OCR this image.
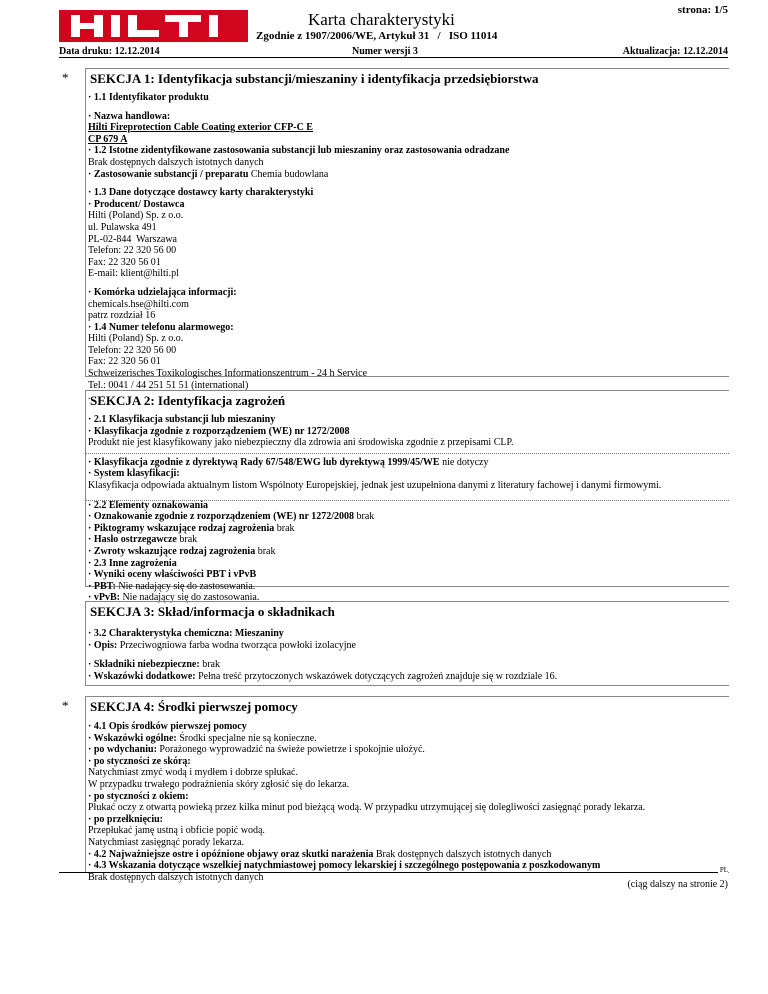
strona: 1/5
Karta charakterystyki
Zgodnie z 1907/2006/WE, Artykuł 31   /   ISO 11014
Data druku: 12.12.2014	Numer wersji 3	Aktualizacja: 12.12.2014
* SEKCJA 1: Identyfikacja substancji/mieszaniny i identyfikacja przedsiębiorstwa
· 1.1 Identyfikator produktu
· Nazwa handlowa:
Hilti Fireprotection Cable Coating exterior CFP-C E
CP 679 A
· 1.2 Istotne zidentyfikowane zastosowania substancji lub mieszaniny oraz zastosowania odradzane
Brak dostępnych dalszych istotnych danych
· Zastosowanie substancji / preparatu Chemia budowlana
· 1.3 Dane dotyczące dostawcy karty charakterystyki
· Producent/ Dostawca
Hilti (Poland) Sp. z o.o.
ul. Pulawska 491
PL-02-844  Warszawa
Telefon: 22 320 56 00
Fax: 22 320 56 01
E-mail: klient@hilti.pl
· Komórka udzielająca informacji:
chemicals.hse@hilti.com
patrz rozdział 16
· 1.4 Numer telefonu alarmowego:
Hilti (Poland) Sp. z o.o.
Telefon: 22 320 56 00
Fax: 22 320 56 01
Schweizerisches Toxikologisches Informationszentrum - 24 h Service
Tel.: 0041 / 44 251 51 51 (international)
. SEKCJA 2: Identyfikacja zagrożeń
· 2.1 Klasyfikacja substancji lub mieszaniny
· Klasyfikacja zgodnie z rozporządzeniem (WE) nr 1272/2008
Produkt nie jest klasyfikowany jako niebezpieczny dla zdrowia ani środowiska zgodnie z przepisami CLP.
· Klasyfikacja zgodnie z dyrektywą Rady 67/548/EWG lub dyrektywą 1999/45/WE nie dotyczy
· System klasyfikacji:
Klasyfikacja odpowiada aktualnym listom Wspólnoty Europejskiej, jednak jest uzupełniona danymi z literatury fachowej i danymi firmowymi.
· 2.2 Elementy oznakowania
· Oznakowanie zgodnie z rozporządzeniem (WE) nr 1272/2008 brak
· Piktogramy wskazujące rodzaj zagrożenia brak
· Hasło ostrzegawcze brak
· Zwroty wskazujące rodzaj zagrożenia brak
· 2.3 Inne zagrożenia
· Wyniki oceny właściwości PBT i vPvB
· PBT: Nie nadający się do zastosowania.
· vPvB: Nie nadający się do zastosowania.
SEKCJA 3: Skład/informacja o składnikach
· 3.2 Charakterystyka chemiczna: Mieszaniny
· Opis: Przeciwogniowa farba wodna tworząca powłoki izolacyjne
· Składniki niebezpieczne: brak
· Wskazówki dodatkowe: Pełna treść przytoczonych wskazówek dotyczących zagrożeń znajduje się w rozdziale 16.
* SEKCJA 4: Środki pierwszej pomocy
· 4.1 Opis środków pierwszej pomocy
· Wskazówki ogólne: Środki specjalne nie są konieczne.
· po wdychaniu: Porażonego wyprowadzić na świeże powietrze i spokojnie ułożyć.
· po styczności ze skórą:
Natychmiast zmyć wodą i mydłem i dobrze spłukać.
W przypadku trwałego podrażnienia skóry zgłosić się do lekarza.
· po styczności z okiem:
Płukać oczy z otwartą powieką przez kilka minut pod bieżącą wodą. W przypadku utrzymującej się dolegliwości zasięgnąć porady lekarza.
· po przełknięciu:
Przepłukać jamę ustną i obficie popić wodą.
Natychmiast zasięgnąć porady lekarza.
· 4.2 Najważniejsze ostre i opóźnione objawy oraz skutki narażenia Brak dostępnych dalszych istotnych danych
· 4.3 Wskazania dotyczące wszelkiej natychmiastowej pomocy lekarskiej i szczególnego postępowania z poszkodowanym
Brak dostępnych dalszych istotnych danych
PL
(ciąg dalszy na stronie 2)
